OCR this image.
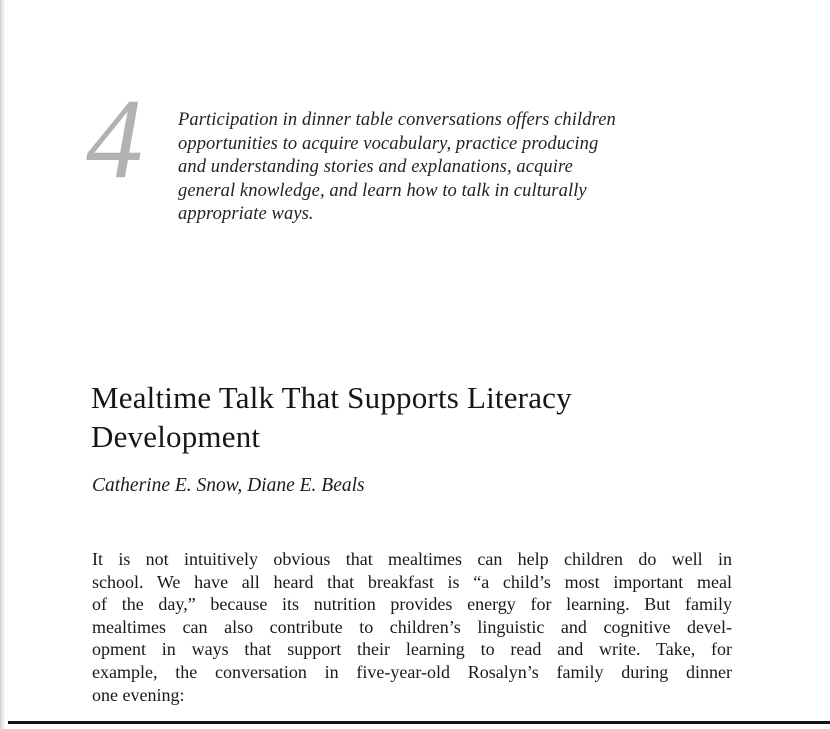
4 Participation in dinner table conversations offers children
opportunities to acquire vocabulary, practice producing
and understanding stories and explanations, acquire
general knowledge, and learn how to talk in culturally
appropriate ways.
Mealtime Talk That Supports Literacy
Development
Catherine E. Snow, Diane E. Beals
It is not intuitively obvious that mealtimes can help children do well in
school. We have all heard that breakfast is “a child’s most important meal
of the day,” because its nutrition provides energy for learning. But family
mealtimes can also contribute to children’s linguistic and cognitive devel-
opment in ways that support their learning to read and write. Take, for
example, the conversation in five-year-old Rosalyn’s family during dinner
one evening:
